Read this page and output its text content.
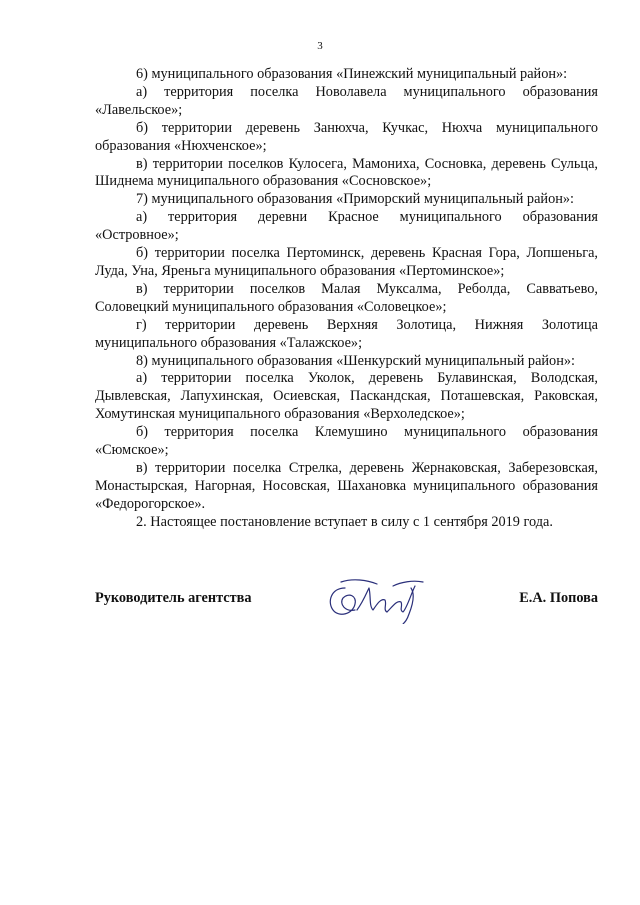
3

6) муниципального образования «Пинежский муниципальный район»:

а) территория поселка Новолавела муниципального образования «Лавельское»;

б) территории деревень Занюхча, Кучкас, Нюхча муниципального образования «Нюхченское»;

в) территории поселков Кулосега, Мамониха, Сосновка, деревень Сульца, Шиднема муниципального образования «Сосновское»;

7) муниципального образования «Приморский муниципальный район»:

а) территория деревни Красное муниципального образования «Островное»;

б) территории поселка Пертоминск, деревень Красная Гора, Лопшеньга, Луда, Уна, Яреньга муниципального образования «Пертоминское»;

в) территории поселков Малая Муксалма, Реболда, Савватьево, Соловецкий муниципального образования «Соловецкое»;

г) территории деревень Верхняя Золотица, Нижняя Золотица муниципального образования «Талажское»;

8) муниципального образования «Шенкурский муниципальный район»:

а) территории поселка Уколок, деревень Булавинская, Володская, Дывлевская, Лапухинская, Осиевская, Паскандская, Поташевская, Раковская, Хомутинская муниципального образования «Верхоледское»;

б) территория поселка Клемушино муниципального образования «Сюмское»;

в) территории поселка Стрелка, деревень Жернаковская, Заберезовская, Монастырская, Нагорная, Носовская, Шахановка муниципального образования «Федорогорское».

2. Настоящее постановление вступает в силу с 1 сентября 2019 года.

Руководитель агентства	Е.А. Попова
